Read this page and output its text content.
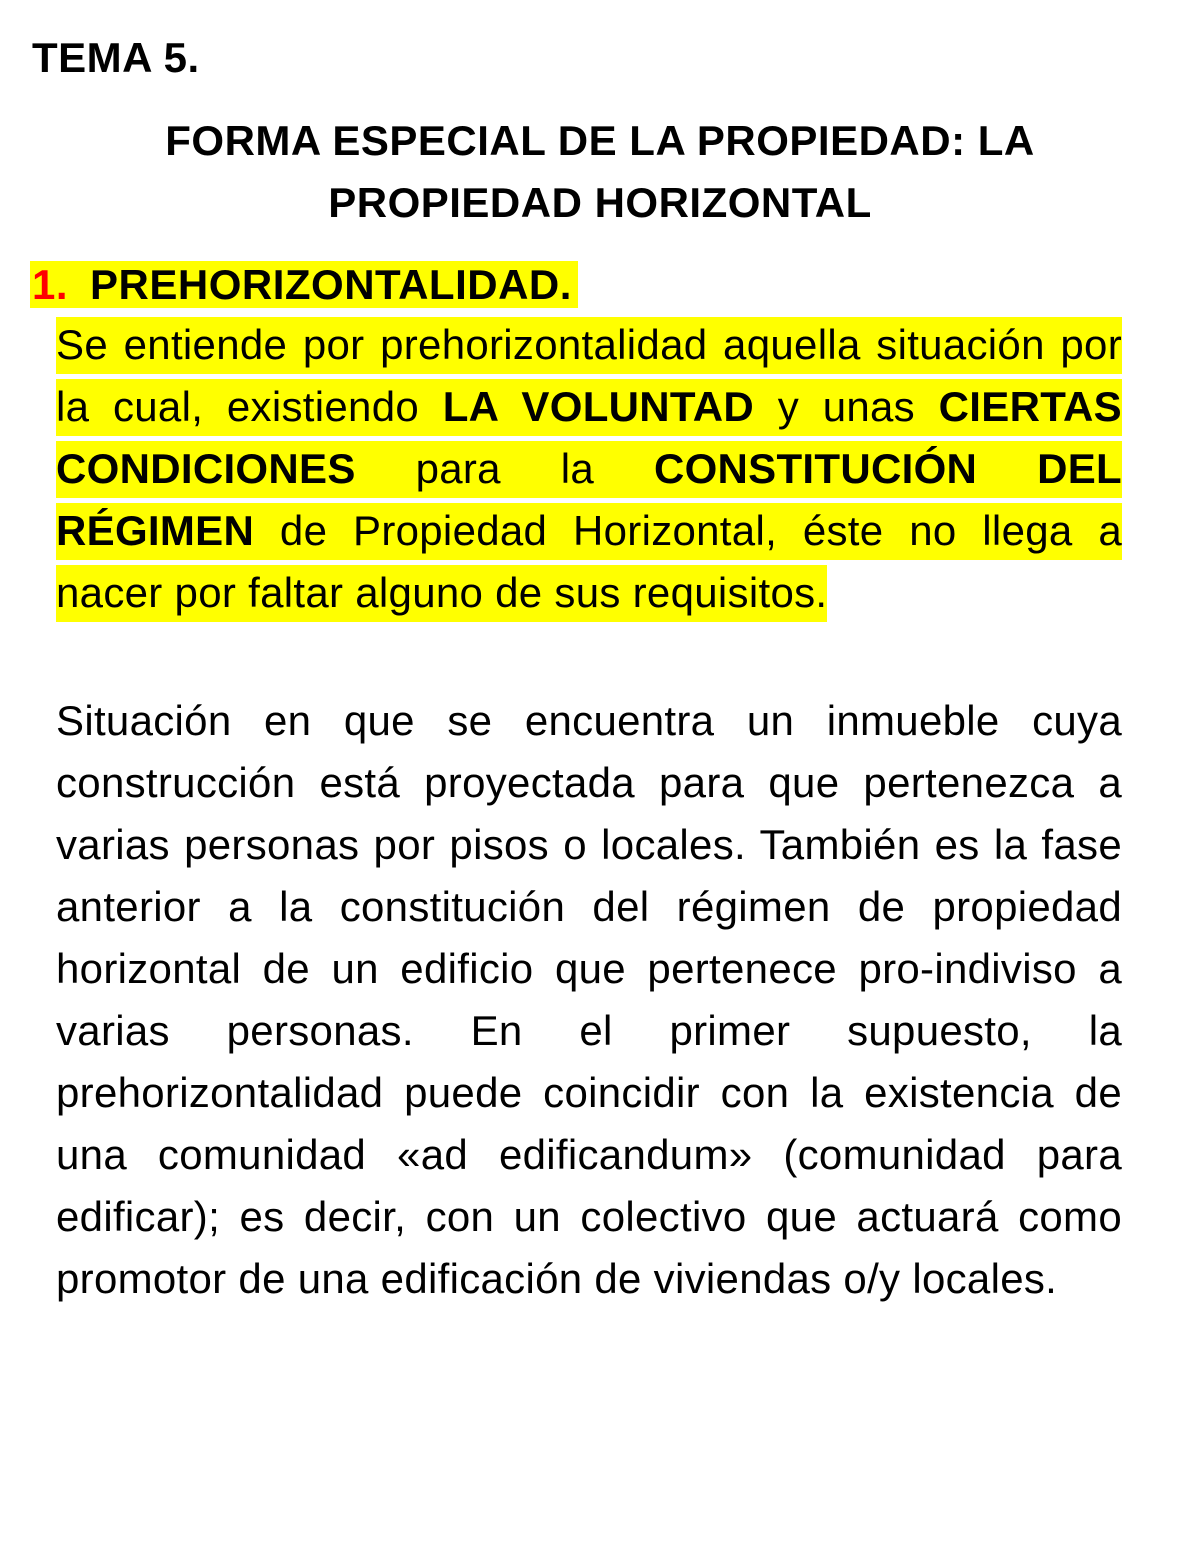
TEMA 5.
FORMA ESPECIAL DE LA PROPIEDAD: LA
PROPIEDAD HORIZONTAL
1. PREHORIZONTALIDAD.

Se entiende por prehorizontalidad aquella situación por la cual, existiendo LA VOLUNTAD y unas CIERTAS CONDICIONES para la CONSTITUCIÓN DEL RÉGIMEN de Propiedad Horizontal, éste no llega a nacer por faltar alguno de sus requisitos.

Situación en que se encuentra un inmueble cuya construcción está proyectada para que pertenezca a varias personas por pisos o locales. También es la fase anterior a la constitución del régimen de propiedad horizontal de un edificio que pertenece pro-indiviso a varias personas. En el primer supuesto, la prehorizontalidad puede coincidir con la existencia de una comunidad «ad edificandum» (comunidad para edificar); es decir, con un colectivo que actuará como promotor de una edificación de viviendas o/y locales.
